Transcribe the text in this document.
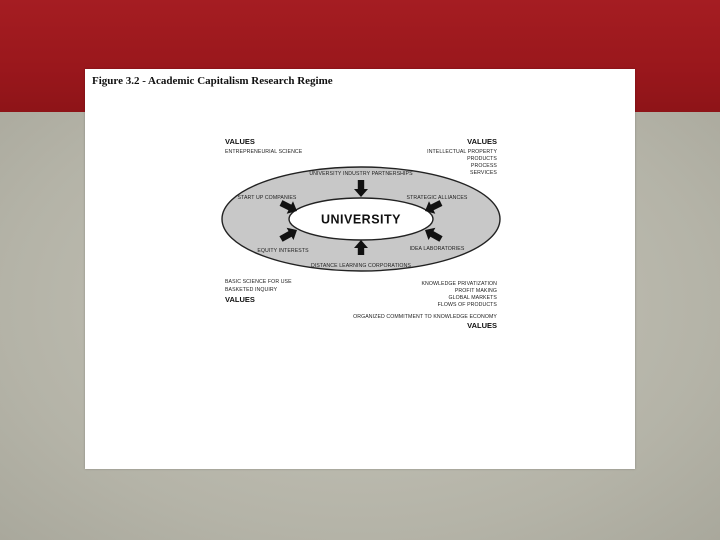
Figure 3.2 - Academic Capitalism Research Regime
UNIVERSITY
UNIVERSITY INDUSTRY PARTNERSHIPS
START UP COMPANIES	STRATEGIC ALLIANCES
EQUITY INTERESTS	IDEA LABORATORIES
DISTANCE LEARNING CORPORATIONS
VALUES
ENTREPRENEURIAL SCIENCE
VALUES
INTELLECTUAL PROPERTY
PRODUCTS
PROCESS
SERVICES
BASIC SCIENCE FOR USE
BASKETED INQUIRY
VALUES
KNOWLEDGE PRIVATIZATION
PROFIT MAKING
GLOBAL MARKETS
FLOWS OF PRODUCTS
ORGANIZED COMMITMENT TO KNOWLEDGE ECONOMY
VALUES
